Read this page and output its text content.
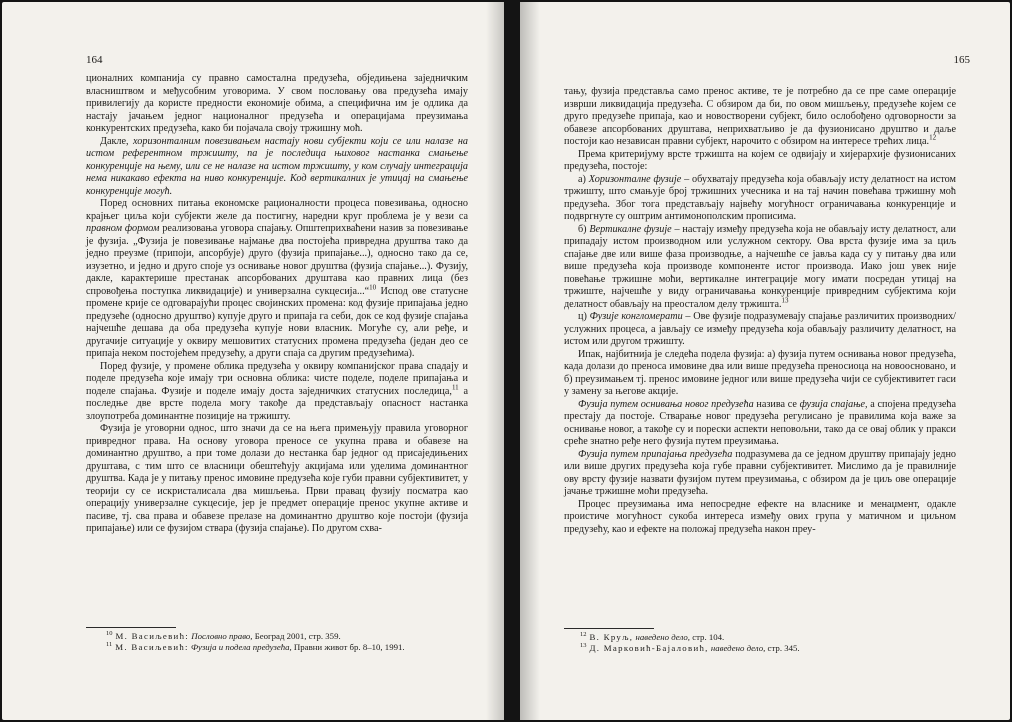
164

ционалних компанија су правно самостална предузећа, обједињена заједничким власништвом и међусобним уговорима. У свом пословању ова предузећа имају привилегију да користе предности економије обима, а специфична им је одлика да настају јачањем једног националног предузећа и операцијама преузимања конкурентских предузећа, како би појачала своју тржишну моћ.

Дакле, хоризонталним повезивањем настају нови субјекти који се или налазе на истом референтном тржишту, па је последица њиховог настанка смањење конкуренције на њему, или се не налазе на истом тржишту, у ком случају интеграција нема никакаво ефекта на ниво конкуренције. Код вертикалних је утицај на смањење конкуренције могућ.

Поред основних питања економске рационалности процеса повезивања, односно крајњег циља који субјекти желе да постигну, наредни круг проблема је у вези са правном формом реализовања уговора спајању. Општеприхваћени назив за повезивање је фузија. „Фузија је повезивање најмање два постојећа привредна друштва тако да једно преузме (припоји, апсорбује) друго (фузија припајање...), односно тако да се, изузетно, и једно и друго споје уз оснивање новог друштва (фузија спајање...). Фузију, дакле, карактерише престанак апсорбованих друштава као правних лица (без спровођења поступка ликвидације) и универзална сукцесија...“$^{10}$ Испод ове статусне промене крије се одговарајући процес својинских промена: код фузије припајања једно предузеће (односно друштво) купује друго и припаја га себи, док се код фузије спајања најчешће дешава да оба предузећа купује нови власник. Могуће су, али ређе, и другачије ситуације у оквиру мешовитих статусних промена предузећа (један део се припаја неком постојећем предузећу, а други спаја са другим предузећима).

Поред фузије, у промене облика предузећа у оквиру компанијског права спадају и поделе предузећа које имају три основна облика: чисте поделе, поделе припајања и поделе спајања. Фузије и поделе имају доста заједничких статусних последица,$^{11}$ а последње две врсте подела могу такође да представљају опасност настанка злоупотреба доминантне позиције на тржишту.

Фузија је уговорни однос, што значи да се на њега примењују правила уговорног привредног права. На основу уговора преносе се укупна права и обавезе на доминантно друштво, а при томе долази до нестанка бар једног од присаједињених друштава, с тим што се власници обештећују акцијама или уделима доминантног друштва. Када је у питању пренос имовине предузећа које губи правни субјективитет, у теорији су се искристалисала два мишљења. Први правац фузију посматра као операцију универзалне сукцесије, јер је предмет операције пренос укупне активе и пасиве, тј. сва права и обавезе прелазе на доминантно друштво које постоји (фузија припајање) или се фузијом ствара (фузија спајање). По другом схва-

$^{10}$ М. Васиљевић: Пословно право, Београд 2001, стр. 359.
$^{11}$ М. Васиљевић: Фузија и подела предузећа, Правни живот бр. 8–10, 1991.
165

тању, фузија представља само пренос активе, те је потребно да се пре саме операције изврши ликвидација предузећа. С обзиром да би, по овом мишљењу, предузеће којем се друго предузеће припаја, као и новостворени субјект, било ослобођено одговорности за обавезе апсорбованих друштава, неприхватљиво је да фузионисано друштво и даље постоји као независан правни субјект, нарочито с обзиром на интересе трећих лица.$^{12}$

Према критеријуму врсте тржишта на којем се одвијају и хијерархије фузионисаних предузећа, постоје:

а) Хоризонталне фузије – обухватају предузећа која обављају исту делатност на истом тржишту, што смањује број тржишних учесника и на тај начин повећава тржишну моћ предузећа. Због тога представљају највећу могућност ограничавања конкуренције и подвргнуте су оштрим антимонополским прописима.

б) Вертикалне фузије – настају између предузећа која не обављају исту делатност, али припадају истом производном или услужном сектору. Ова врста фузије има за циљ спајање две или више фаза производње, а најчешће се јавља када су у питању два или више предузећа која производе компоненте истог производа. Иако још увек није повећање тржишне моћи, вертикалне интеграције могу имати посредан утицај на тржиште, најчешће у виду ограничавања конкуренције привредним субјектима који делатност обављају на преосталом делу тржишта.$^{13}$

ц) Фузије конгломерати – Ове фузије подразумевају спајање различитих производних/ услужних процеса, а јављају се између предузећа која обављају различиту делатност, на истом или другом тржишту.

Ипак, најбитнија је следећа подела фузија: а) фузија путем оснивања новог предузећа, када долази до преноса имовине два или више предузећа преносиоца на новоосновано, и б) преузимањем тј. пренос имовине једног или више предузећа чији се субјективитет гаси у замену за његове акције.

Фузија путем оснивања новог предузећа назива се фузија спајање, а спојена предузећа престају да постоје. Стварање новог предузећа регулисано је правилима која важе за оснивање новог, а такође су и порески аспекти неповољни, тако да се овај облик у пракси среће знатно ређе него фузија путем преузимања.

Фузија путем припајања предузећа подразумева да се једном друштву припајају једно или више других предузећа која губе правни субјективитет. Мислимо да је правилније ову врсту фузије назвати фузијом путем преузимања, с обзиром да је циљ ове операције јачање тржишне моћи предузећа.

Процес преузимања има непосредне ефекте на власнике и менаџмент, одакле проистиче могућност сукоба интереса између ових група у матичном и циљном предузећу, као и ефекте на положај предузећа након преу-

$^{12}$ В. Круљ, наведено дело, стр. 104.
$^{13}$ Д. Марковић-Бајаловић, наведено дело, стр. 345.
